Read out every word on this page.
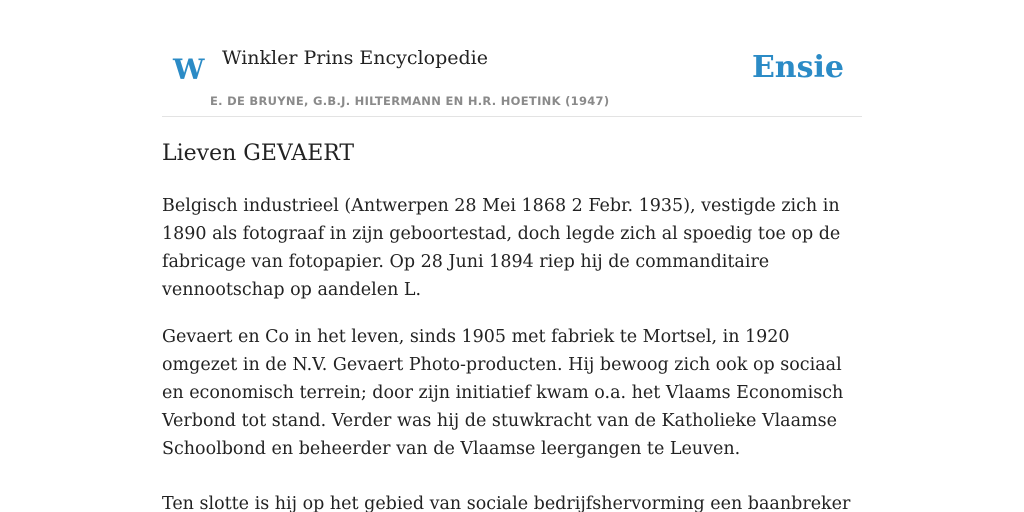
W Winkler Prins Encyclopedie
E. DE BRUYNE, G.B.J. HILTERMANN EN H.R. HOETINK (1947)
Ensie
Lieven GEVAERT

Belgisch industrieel (Antwerpen 28 Mei 1868 2 Febr. 1935), vestigde zich in 1890 als fotograaf in zijn geboortestad, doch legde zich al spoedig toe op de fabricage van fotopapier. Op 28 Juni 1894 riep hij de commanditaire vennootschap op aandelen L.

Gevaert en Co in het leven, sinds 1905 met fabriek te Mortsel, in 1920 omgezet in de N.V. Gevaert Photo-producten. Hij bewoog zich ook op sociaal en economisch terrein; door zijn initiatief kwam o.a. het Vlaams Economisch Verbond tot stand. Verder was hij de stuwkracht van de Katholieke Vlaamse Schoolbond en beheerder van de Vlaamse leergangen te Leuven.

Ten slotte is hij op het gebied van sociale bedrijfshervorming een baanbreker
